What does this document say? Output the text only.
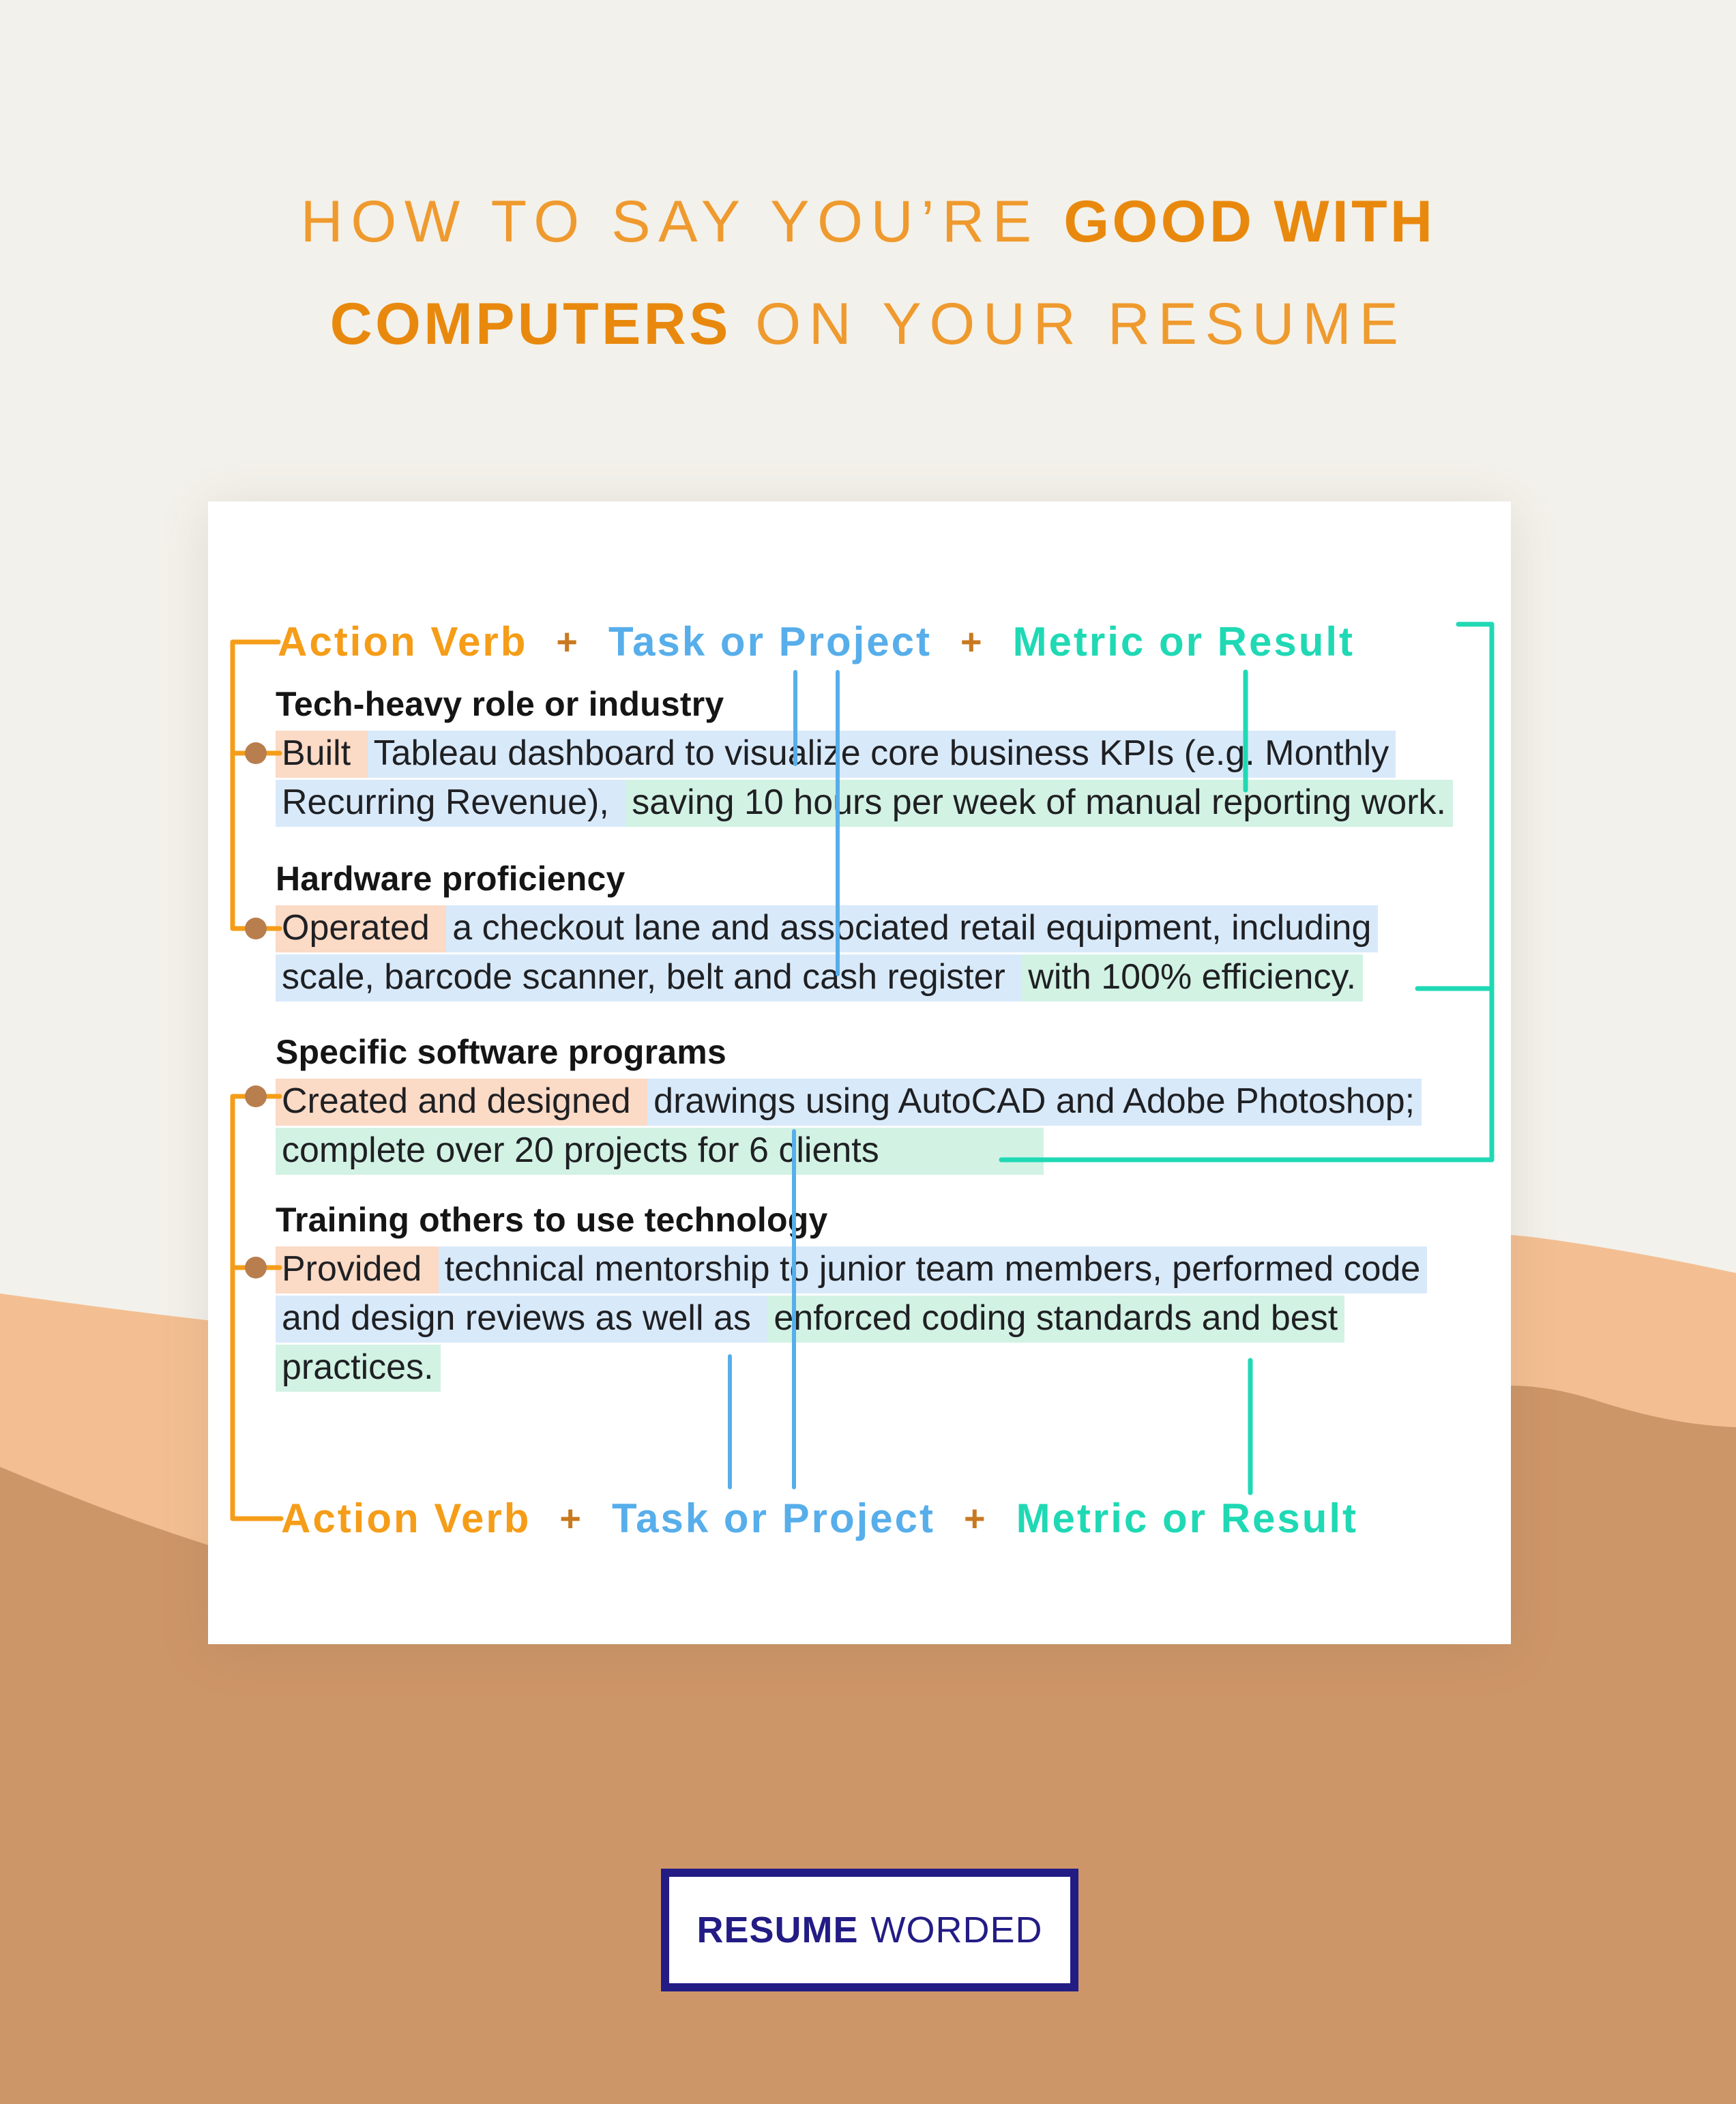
HOW TO SAY YOU’RE GOOD WITH
COMPUTERS ON YOUR RESUME
Action Verb + Task or Project + Metric or Result
Tech-heavy role or industry
Built Tableau dashboard to visualize core business KPIs (e.g. Monthly
Recurring Revenue), saving 10 hours per week of manual reporting work.
Hardware proficiency
Operated a checkout lane and associated retail equipment, including
scale, barcode scanner, belt and cash register with 100% efficiency.
Specific software programs
Created and designed drawings using AutoCAD and Adobe Photoshop;
complete over 20 projects for 6 clients
Training others to use technology
Provided technical mentorship to junior team members, performed code
and design reviews as well as enforced coding standards and best
practices.
Action Verb + Task or Project + Metric or Result
RESUME WORDED
